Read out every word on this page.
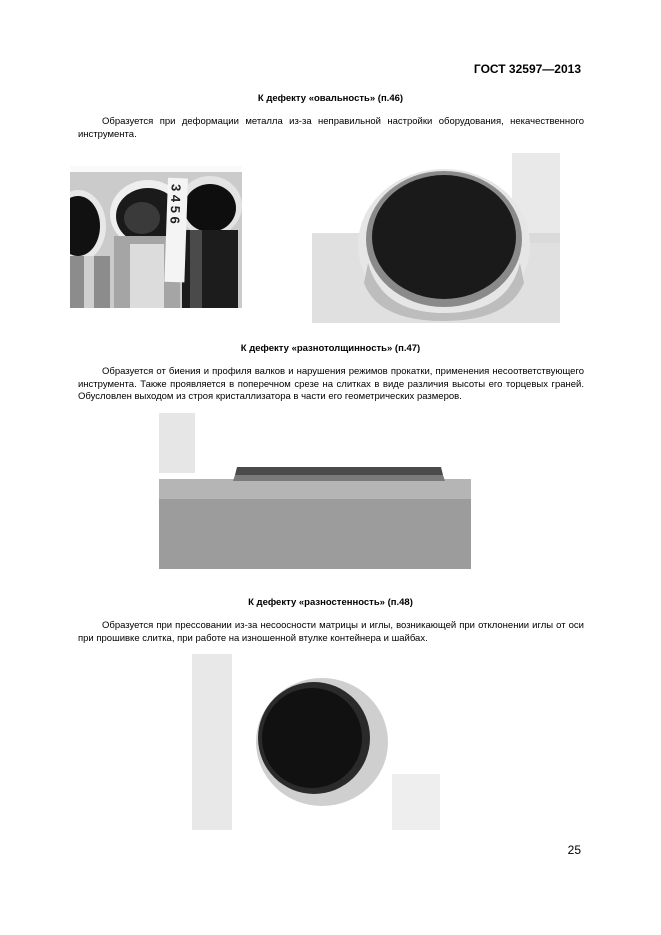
ГОСТ 32597—2013
К дефекту «овальность» (п.46)

Образуется при деформации металла из-за неправильной настройки оборудования, некачественного инструмента.

3 4 5 6
К дефекту «разнотолщинность» (п.47)

Образуется от биения и профиля валков и нарушения режимов прокатки, применения несоответствующего инструмента. Также проявляется в поперечном срезе на слитках в виде различия высоты его торцевых граней. Обусловлен выходом из строя кристаллизатора в части его геометрических размеров.

К дефекту «разностенность» (п.48)

Образуется при прессовании из-за несоосности матрицы и иглы, возникающей при отклонении иглы от оси при прошивке слитка, при работе на изношенной втулке контейнера и шайбах.

25
